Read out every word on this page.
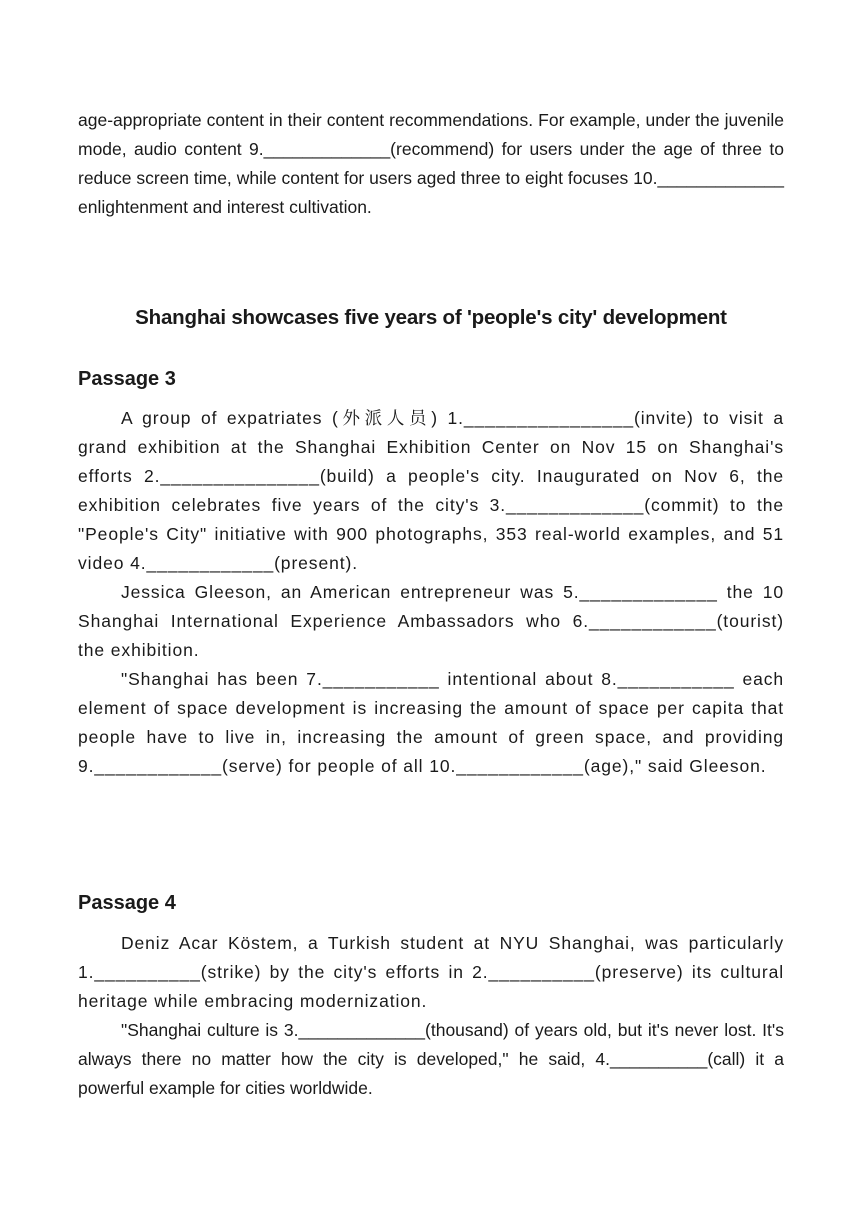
age-appropriate content in their content recommendations. For example, under the juvenile mode, audio content 9._____________(recommend) for users under the age of three to reduce screen time, while content for users aged three to eight focuses 10._____________ enlightenment and interest cultivation.

Shanghai showcases five years of 'people's city' development
Passage 3

A group of expatriates (外派人员) 1.________________(invite) to visit a grand exhibition at the Shanghai Exhibition Center on Nov 15 on Shanghai's efforts 2._______________(build) a people's city. Inaugurated on Nov 6, the exhibition celebrates five years of the city's 3._____________(commit) to the "People's City" initiative with 900 photographs, 353 real-world examples, and 51 video 4.____________(present).

Jessica Gleeson, an American entrepreneur was 5._____________ the 10 Shanghai International Experience Ambassadors who 6.____________(tourist) the exhibition.

"Shanghai has been 7.___________ intentional about 8.___________ each element of space development is increasing the amount of space per capita that people have to live in, increasing the amount of green space, and providing 9.____________(serve) for people of all 10.____________(age)," said Gleeson.

Passage 4

Deniz Acar Köstem, a Turkish student at NYU Shanghai, was particularly 1.__________(strike) by the city's efforts in 2.__________(preserve) its cultural heritage while embracing modernization.

"Shanghai culture is 3._____________(thousand) of years old, but it's never lost. It's always there no matter how the city is developed," he said, 4.__________(call) it a powerful example for cities worldwide.
